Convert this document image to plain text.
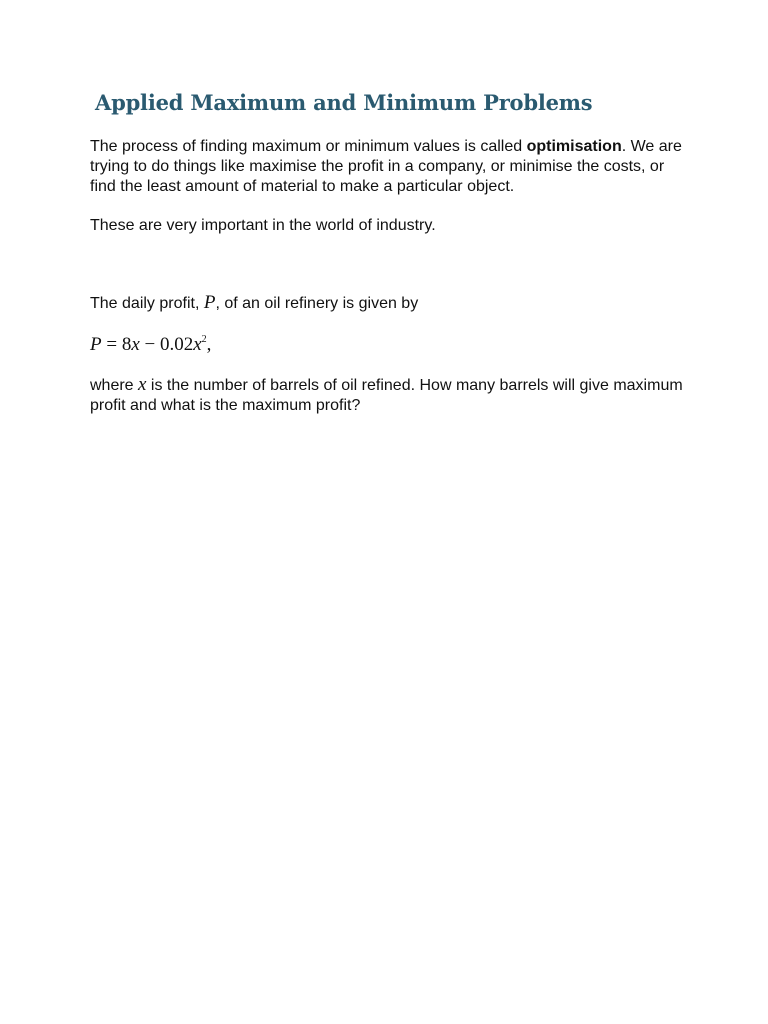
Applied Maximum and Minimum Problems

The process of finding maximum or minimum values is called optimisation. We are trying to do things like maximise the profit in a company, or minimise the costs, or find the least amount of material to make a particular object.

These are very important in the world of industry.

The daily profit, P, of an oil refinery is given by

$P = 8x - 0.02x^2$,

where x is the number of barrels of oil refined. How many barrels will give maximum profit and what is the maximum profit?
